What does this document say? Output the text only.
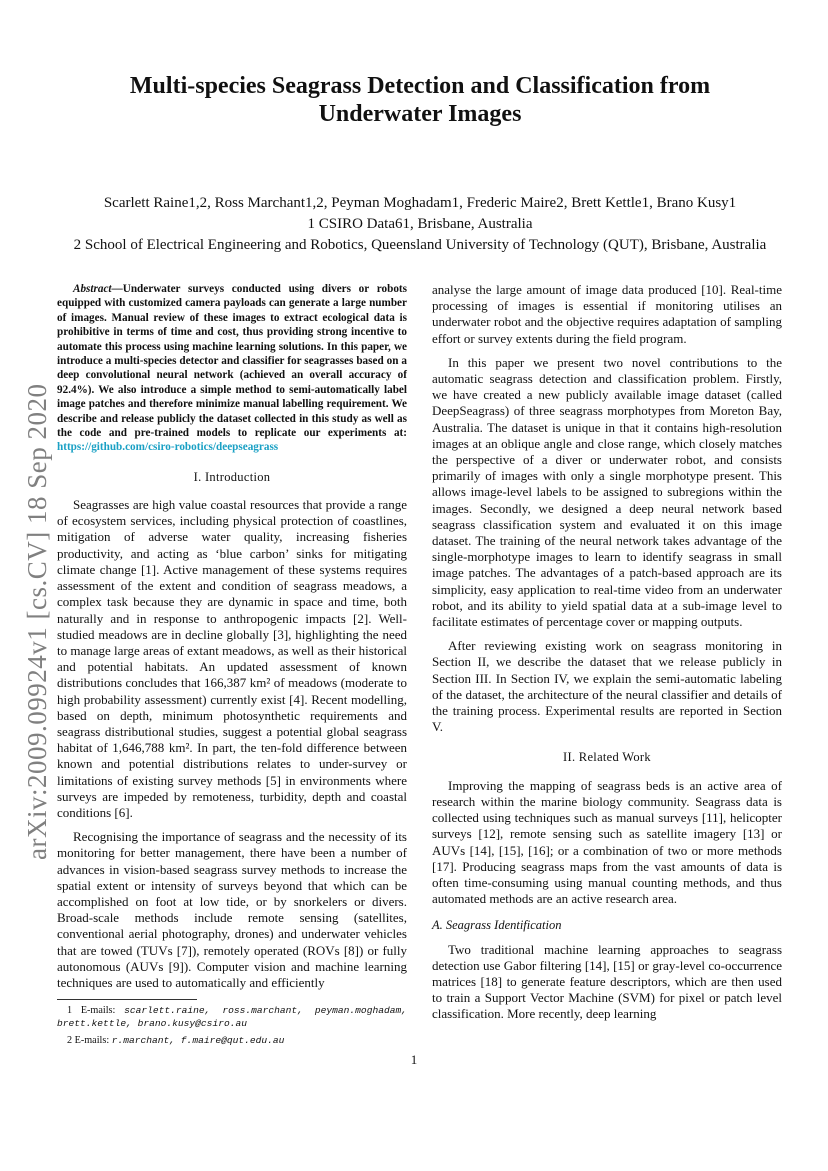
arXiv:2009.09924v1 [cs.CV] 18 Sep 2020
Multi-species Seagrass Detection and Classification from Underwater Images
Scarlett Raine1,2, Ross Marchant1,2, Peyman Moghadam1, Frederic Maire2, Brett Kettle1, Brano Kusy1
1 CSIRO Data61, Brisbane, Australia
2 School of Electrical Engineering and Robotics, Queensland University of Technology (QUT), Brisbane, Australia
Abstract—Underwater surveys conducted using divers or robots equipped with customized camera payloads can generate a large number of images. Manual review of these images to extract ecological data is prohibitive in terms of time and cost, thus providing strong incentive to automate this process using machine learning solutions. In this paper, we introduce a multi-species detector and classifier for seagrasses based on a deep convolutional neural network (achieved an overall accuracy of 92.4%). We also introduce a simple method to semi-automatically label image patches and therefore minimize manual labelling requirement. We describe and release publicly the dataset collected in this study as well as the code and pre-trained models to replicate our experiments at: https://github.com/csiro-robotics/deepseagrass
I. Introduction

Seagrasses are high value coastal resources that provide a range of ecosystem services, including physical protection of coastlines, mitigation of adverse water quality, increasing fisheries productivity, and acting as ‘blue carbon’ sinks for mitigating climate change [1]. Active management of these systems requires assessment of the extent and condition of seagrass meadows, a complex task because they are dynamic in space and time, both naturally and in response to anthropogenic impacts [2]. Well-studied meadows are in decline globally [3], highlighting the need to manage large areas of extant meadows, as well as their historical and potential habitats. An updated assessment of known distributions concludes that 166,387 km² of meadows (moderate to high probability assessment) currently exist [4]. Recent modelling, based on depth, minimum photosynthetic requirements and seagrass distributional studies, suggest a potential global seagrass habitat of 1,646,788 km². In part, the ten-fold difference between known and potential distributions relates to under-survey or limitations of existing survey methods [5] in environments where surveys are impeded by remoteness, turbidity, depth and coastal conditions [6].

Recognising the importance of seagrass and the necessity of its monitoring for better management, there have been a number of advances in vision-based seagrass survey methods to increase the spatial extent or intensity of surveys beyond that which can be accomplished on foot at low tide, or by snorkelers or divers. Broad-scale methods include remote sensing (satellites, conventional aerial photography, drones) and underwater vehicles that are towed (TUVs [7]), remotely operated (ROVs [8]) or fully autonomous (AUVs [9]). Computer vision and machine learning techniques are used to automatically and efficiently

1 E-mails: scarlett.raine, ross.marchant, peyman.moghadam, brett.kettle, brano.kusy@csiro.au
2 E-mails: r.marchant, f.maire@qut.edu.au

analyse the large amount of image data produced [10]. Real-time processing of images is essential if monitoring utilises an underwater robot and the objective requires adaptation of sampling effort or survey extents during the field program.

In this paper we present two novel contributions to the automatic seagrass detection and classification problem. Firstly, we have created a new publicly available image dataset (called DeepSeagrass) of three seagrass morphotypes from Moreton Bay, Australia. The dataset is unique in that it contains high-resolution images at an oblique angle and close range, which closely matches the perspective of a diver or underwater robot, and consists primarily of images with only a single morphotype present. This allows image-level labels to be assigned to subregions within the images. Secondly, we designed a deep neural network based seagrass classification system and evaluated it on this image dataset. The training of the neural network takes advantage of the single-morphotype images to learn to identify seagrass in small image patches. The advantages of a patch-based approach are its simplicity, easy application to real-time video from an underwater robot, and its ability to yield spatial data at a sub-image level to facilitate estimates of percentage cover or mapping outputs.

After reviewing existing work on seagrass monitoring in Section II, we describe the dataset that we release publicly in Section III. In Section IV, we explain the semi-automatic labeling of the dataset, the architecture of the neural classifier and details of the training process. Experimental results are reported in Section V.

II. Related Work

Improving the mapping of seagrass beds is an active area of research within the marine biology community. Seagrass data is collected using techniques such as manual surveys [11], helicopter surveys [12], remote sensing such as satellite imagery [13] or AUVs [14], [15], [16]; or a combination of two or more methods [17]. Producing seagrass maps from the vast amounts of data is often time-consuming using manual counting methods, and thus automated methods are an active research area.

A. Seagrass Identification

Two traditional machine learning approaches to seagrass detection use Gabor filtering [14], [15] or gray-level co-occurrence matrices [18] to generate feature descriptors, which are then used to train a Support Vector Machine (SVM) for pixel or patch level classification. More recently, deep learning

1
